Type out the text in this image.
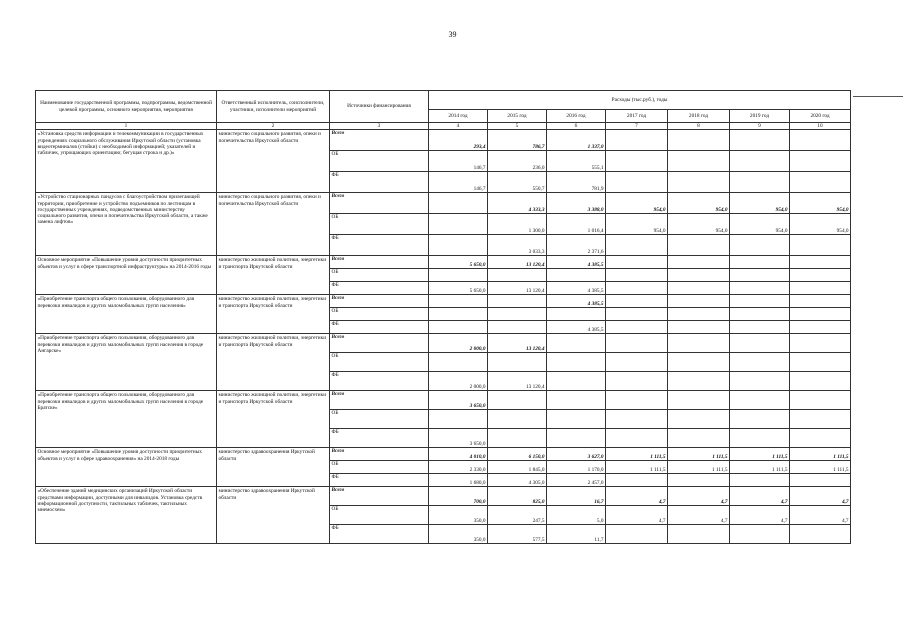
39
Наименование государственной программы, подпрограммы, ведомственной целевой программы, основного мероприятия, мероприятия	Ответственный исполнитель, соисполнители, участники, исполнители мероприятий	Источники финансирования	Расходы (тыс.руб.), годы						
			2014 год	2015 год	2016 год	2017 год	2018 год	2019 год	2020 год
1	2	3	4	5	6	7	8	9	10
«Установка средств информации и телекоммуникации в государственных учреждениях социального обслуживания Иркутской области (установка видеотерминалов (стойки) с необходимой информацией; указателей и табличек, упрощающих ориентацию; бегущая строка и др.)»	министерство социального развития, опеки и попечительства Иркутской области	Всего	293,4	786,7	1 337,0				
		ОБ	146,7	236,0	555,1				
		ФБ	146,7	550,7	781,9				
«Устройство стационарных пандусов с благоустройством прилегающей территории, приобретение и устройство подъемников по лестницам в государственных учреждениях, подведомственных министерству социального развития, опеки и попечительства Иркутской области, а также замена лифтов»	министерство социального развития, опеки и попечительства Иркутской области	Всего		4 333,3	3 388,0	954,0	954,0	954,0	954,0
		ОБ		1 300,0	1 016,4	954,0	954,0	954,0	954,0
		ФБ		3 033,3	2 371,6				
Основное мероприятие «Повышение уровня доступности приоритетных объектов и услуг в сфере транспортной инфраструктуры» на 2014-2016 годы	министерство жилищной политики, энергетики и транспорта Иркутской области	Всего	5 650,0	13 120,4	4 385,5				
		ОБ							
		ФБ	5 650,0	13 120,4	4 385,5				
«Приобретение транспорта общего пользования, оборудованного для перевозки инвалидов и других маломобильных групп населения»	министерство жилищной политики, энергетики и транспорта Иркутской области	Всего			4 385,5				
		ОБ							
		ФБ			4 385,5				
«Приобретение транспорта общего пользования, оборудованного для перевозки инвалидов и других маломобильных групп населения в городе Ангарске»	министерство жилищной политики, энергетики и транспорта Иркутской области	Всего	2 000,0	13 120,4					
		ОБ							
		ФБ	2 000,0	13 120,4					
«Приобретение транспорта общего пользования, оборудованного для перевозки инвалидов и других маломобильных групп населения в городе Братске»	министерство жилищной политики, энергетики и транспорта Иркутской области	Всего	3 650,0						
		ОБ							
		ФБ	3 650,0						
Основное мероприятие «Повышение уровня доступности приоритетных объектов и услуг в сфере здравоохранения» на 2014-2018 годы	министерство здравоохранения Иркутской области	Всего	4 010,0	6 150,0	3 627,0	1 111,5	1 111,5	1 111,5	1 111,5
		ОБ	2 330,0	1 845,0	1 170,0	1 111,5	1 111,5	1 111,5	1 111,5
		ФБ	1 680,0	4 305,0	2 457,0				
«Обеспечение зданий медицинских организаций Иркутской области средствами информации, доступными для инвалидов. Установка средств информационной доступности, тактильных табличек, тактильных мнемосхем»	министерство здравоохранения Иркутской области	Всего	700,0	825,0	16,7	4,7	4,7	4,7	4,7
		ОБ	350,0	247,5	5,0	4,7	4,7	4,7	4,7
		ФБ	350,0	577,5	11,7				
